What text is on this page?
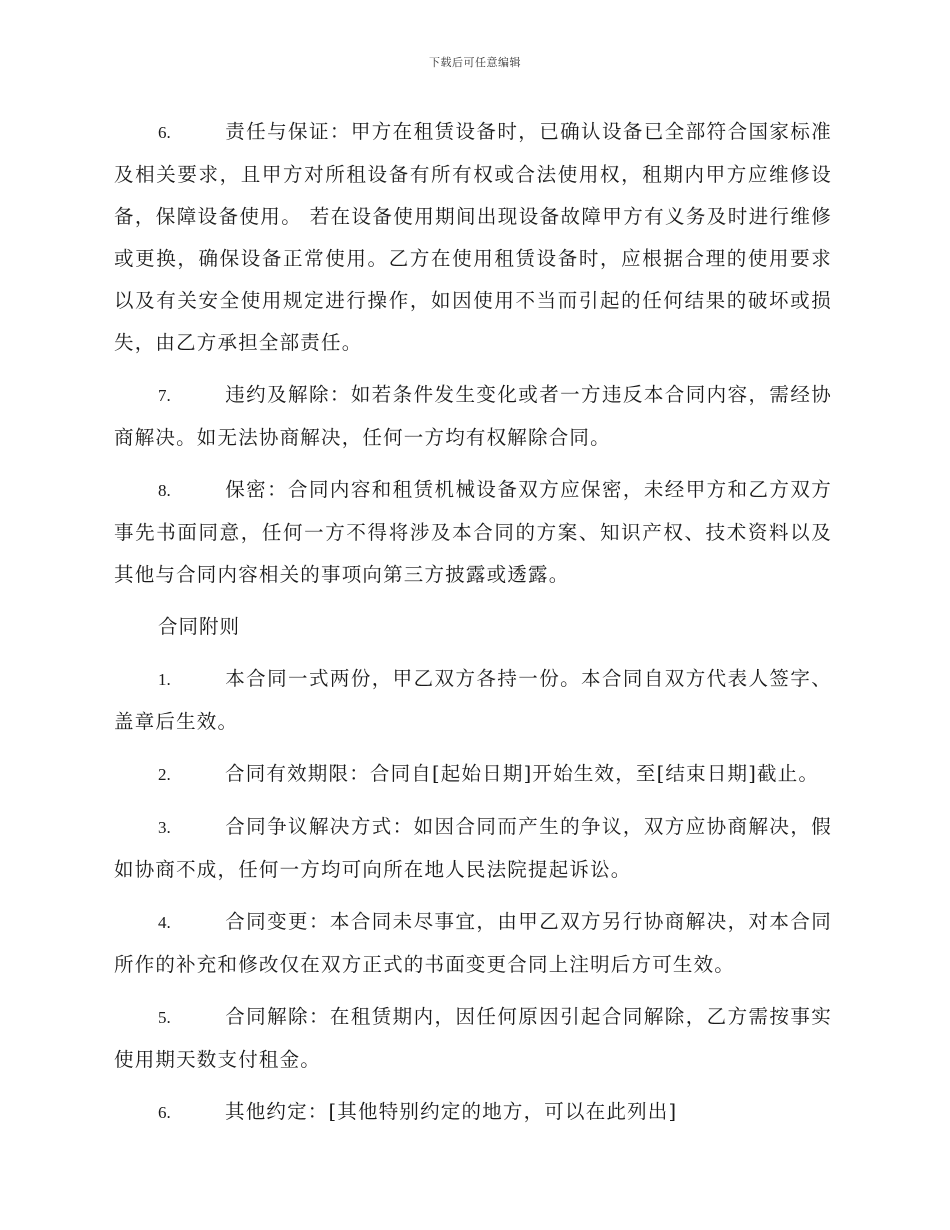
下载后可任意编辑

6.	责任与保证：甲方在租赁设备时，已确认设备已全部符合国家标准及相关要求，且甲方对所租设备有所有权或合法使用权，租期内甲方应维修设备，保障设备使用。 若在设备使用期间出现设备故障甲方有义务及时进行维修或更换，确保设备正常使用。乙方在使用租赁设备时，应根据合理的使用要求以及有关安全使用规定进行操作，如因使用不当而引起的任何结果的破坏或损失，由乙方承担全部责任。

7.	违约及解除：如若条件发生变化或者一方违反本合同内容，需经协商解决。如无法协商解决，任何一方均有权解除合同。

8.	保密：合同内容和租赁机械设备双方应保密，未经甲方和乙方双方事先书面同意，任何一方不得将涉及本合同的方案、知识产权、技术资料以及其他与合同内容相关的事项向第三方披露或透露。

合同附则

1.	本合同一式两份，甲乙双方各持一份。本合同自双方代表人签字、盖章后生效。

2.	合同有效期限：合同自[起始日期]开始生效，至[结束日期]截止。

3.	合同争议解决方式：如因合同而产生的争议，双方应协商解决，假如协商不成，任何一方均可向所在地人民法院提起诉讼。

4.	合同变更：本合同未尽事宜，由甲乙双方另行协商解决，对本合同所作的补充和修改仅在双方正式的书面变更合同上注明后方可生效。

5.	合同解除：在租赁期内，因任何原因引起合同解除，乙方需按事实使用期天数支付租金。

6.	其他约定：[其他特别约定的地方，可以在此列出]
